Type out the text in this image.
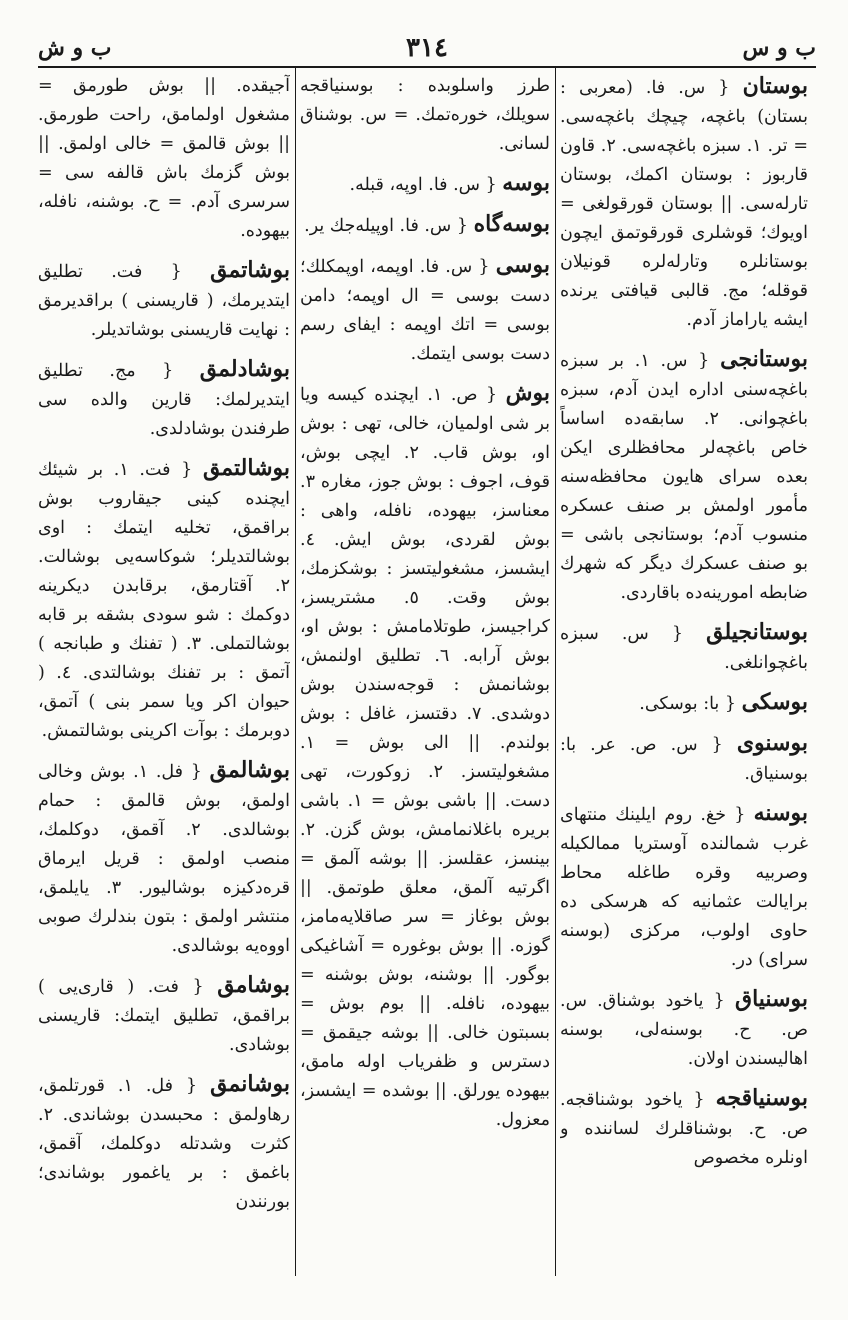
ب و س
٣١٤
ب و ش
بوستان { س. فا. (معربی : بستان) باغچه، چیچك باغچه‌سی. = تر. ۱. سبزه باغچه‌سی. ۲. قاون قاربوز : بوستان اکمك، بوستان تارله‌سی. || بوستان قورقولغی = اویوك؛ قوشلری قورقوتمق ایچون بوستانلره وتارله‌لره قونیلان قوقله؛ مج. قالبی قیافتی یرنده ایشه یاراماز آدم.
بوستانجی { س. ۱. بر سبزه باغچه‌سنی اداره ایدن آدم، سبزه باغچوانی. ۲. سابقه‌ده اساساً خاص باغچه‌لر محافظلری ایکن بعده سرای هایون محافظه‌سنه مأمور اولمش بر صنف عسکره منسوب آدم؛ بوستانجی باشی = بو صنف عسکرك دیگر که شهرك ضابطه امورینه‌ده باقاردی.
بوستانجیلق { س. سبزه باغچوانلغی.
بوسکی { با: بوسکی.
بوسنوی { س. ص. عر. با: بوسنیاق.
بوسنه { خغ. روم ایلینك منتهای غرب شمالنده آوستریا ممالکیله وصربیه وقره طاغله محاط برایالت عثمانیه که هرسکی ده حاوی اولوب، مرکزی (بوسنه سرای) در.
بوسنیاق { یاخود بوشناق. س. ص. ح. بوسنه‌لی، بوسنه اهالیسندن اولان.
بوسنیاقجه { یاخود بوشناقجه. ص. ح. بوشناقلرك لساننده و اونلره مخصوص
طرز واسلوبده : بوسنیاقجه سویلك، خوره‌تمك. = س. بوشناق لسانی.
بوسه { س. فا. اوپه، قبله.
بوسه‌گاه { س. فا. اوپیله‌جك یر.
بوسی { س. فا. اوپمه، اوپمکلك؛ دست بوسی = ال اوپمه؛ دامن بوسی = اتك اوپمه : ایفای رسم دست بوسی ایتمك.
بوش { ص. ۱. ایچنده کیسه ویا بر شی اولمیان، خالی، تهی : بوش او، بوش قاب. ۲. ایچی بوش، قوف، اجوف : بوش جوز، مغاره ۳. معناسز، بیهوده، نافله، واهی : بوش لقردی، بوش ایش. ٤. ایشسز، مشغولیتسز : بوشکزمك، بوش وقت. ٥. مشتریسز، کراجیسز، طوتلامامش : بوش او، بوش آرابه. ٦. تطلیق اولنمش، بوشانمش : قوجه‌سندن بوش دوشدی. ۷. دقتسز، غافل : بوش بولندم. || الی بوش = ۱. مشغولیتسز. ۲. زوکورت، تهی دست. || باشی بوش = ۱. باشی بریره باغلانمامش، بوش گزن. ۲. بینسز، عقلسز. || بوشه آلمق = اگرتیه آلمق، معلق طوتمق. || بوش بوغاز = سر صاقلایه‌مامز، گوزه. || بوش بوغوره = آشاغیکی بوگور. || بوشنه، بوش بوشنه = بیهوده، نافله. || بوم بوش = بسبتون خالی. || بوشه جیقمق = دسترس و ظفریاب اوله مامق، بیهوده یورلق. || بوشده = ایشسز، معزول.
آجیقده. || بوش طورمق = مشغول اولمامق، راحت طورمق. || بوش قالمق = خالی اولمق. || بوش گزمك باش قالفه سی = سرسری آدم. = ح. بوشنه، نافله، بیهوده.
بوشاتمق { فت. تطلیق ایتدیرمك، ( قاریسنی ) براقدیرمق : نهایت قاریسنی بوشاتدیلر.
بوشادلمق { مج. تطلیق ایتدیرلمك: قارین والده سی طرفندن بوشادلدی.
بوشالتمق { فت. ۱. بر شیئك ایچنده کینی جیقاروب بوش براقمق، تخلیه ایتمك : اوی بوشالتدیلر؛ شوکاسه‌یی بوشالت. ۲. آقتارمق، برقابدن دیکرینه دوکمك : شو سودی بشقه بر قابه بوشالتملی. ۳. ( تفنك و طبانجه ) آتمق : بر تفنك بوشالتدی. ٤. ( حیوان اکر ویا سمر بنی ) آتمق، دوبرمك : بوآت اکرینی بوشالتمش.
بوشالمق { فل. ۱. بوش وخالی اولمق، بوش قالمق : حمام بوشالدی. ۲. آقمق، دوکلمك، منصب اولمق : قریل ایرماق قره‌دکیزه بوشالیور. ۳. یایلمق، منتشر اولمق : بتون بندلرك صوبی اووه‌یه بوشالدی.
بوشامق { فت. ( قاری‌یی ) براقمق، تطلیق ایتمك: قاریسنی بوشادی.
بوشانمق { فل. ۱. قورتلمق، رهاولمق : محبسدن بوشاندی. ۲. کثرت وشدتله دوکلمك، آقمق، باغمق : بر یاغمور بوشاندی؛ بورنندن
